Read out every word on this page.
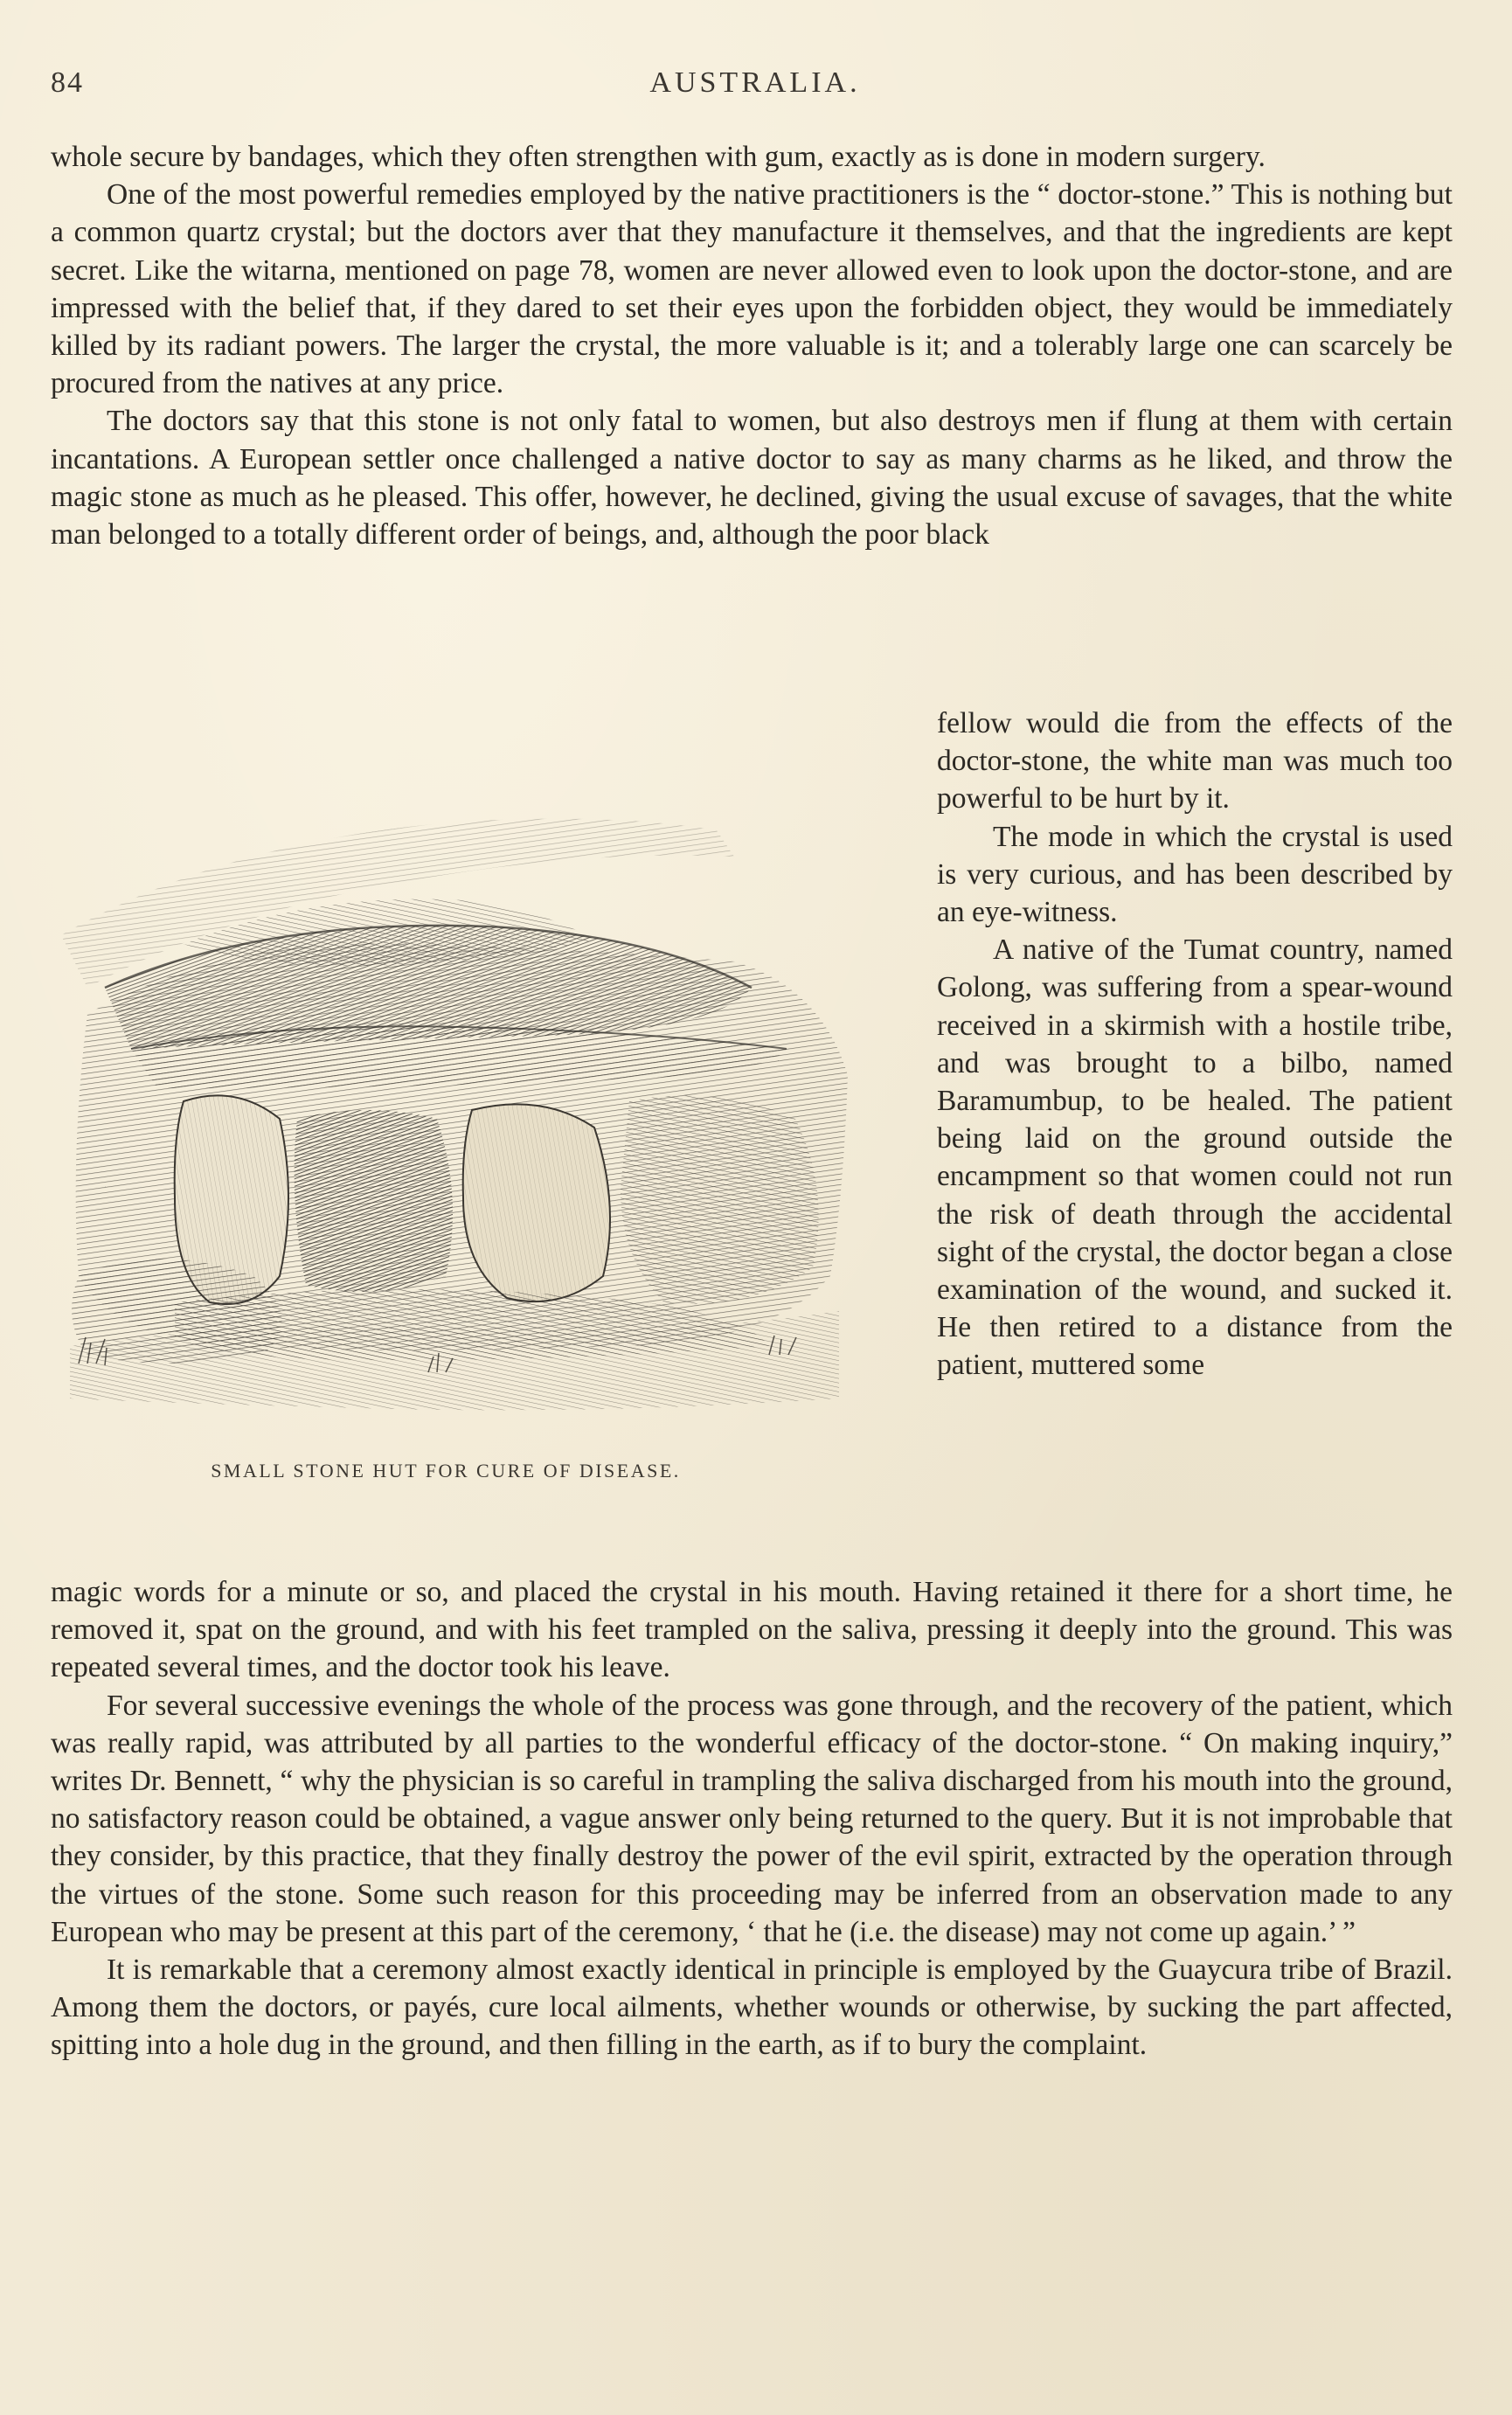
84	AUSTRALIA.

whole secure by bandages, which they often strengthen with gum, exactly as is done in modern surgery.

One of the most powerful remedies employed by the native practitioners is the “ doctor-stone.” This is nothing but a common quartz crystal; but the doctors aver that they manufacture it themselves, and that the ingredients are kept secret. Like the witarna, mentioned on page 78, women are never allowed even to look upon the doctor-stone, and are impressed with the belief that, if they dared to set their eyes upon the forbidden object, they would be immediately killed by its radiant powers. The larger the crystal, the more valuable is it; and a tolerably large one can scarcely be procured from the natives at any price.

The doctors say that this stone is not only fatal to women, but also destroys men if flung at them with certain incantations. A European settler once challenged a native doctor to say as many charms as he liked, and throw the magic stone as much as he pleased. This offer, however, he declined, giving the usual excuse of savages, that the white man belonged to a totally different order of beings, and, although the poor black

fellow would die from the effects of the doctor-stone, the white man was much too powerful to be hurt by it.

The mode in which the crystal is used is very curious, and has been described by an eye-witness.

A native of the Tumat country, named Golong, was suffering from a spear-wound received in a skirmish with a hostile tribe, and was brought to a bilbo, named Baramumbup, to be healed. The patient being laid on the ground outside the encampment so that women could not run the risk of death through the accidental sight of the crystal, the doctor began a close examination of the wound, and sucked it. He then retired to a distance from the patient, muttered some

SMALL STONE HUT FOR CURE OF DISEASE.

magic words for a minute or so, and placed the crystal in his mouth. Having retained it there for a short time, he removed it, spat on the ground, and with his feet trampled on the saliva, pressing it deeply into the ground. This was repeated several times, and the doctor took his leave.

For several successive evenings the whole of the process was gone through, and the recovery of the patient, which was really rapid, was attributed by all parties to the wonderful efficacy of the doctor-stone. “ On making inquiry,” writes Dr. Bennett, “ why the physician is so careful in trampling the saliva discharged from his mouth into the ground, no satisfactory reason could be obtained, a vague answer only being returned to the query. But it is not improbable that they consider, by this practice, that they finally destroy the power of the evil spirit, extracted by the operation through the virtues of the stone. Some such reason for this proceeding may be inferred from an observation made to any European who may be present at this part of the ceremony, ‘ that he (i.e. the disease) may not come up again.’ ”

It is remarkable that a ceremony almost exactly identical in principle is employed by the Guaycura tribe of Brazil. Among them the doctors, or payés, cure local ailments, whether wounds or otherwise, by sucking the part affected, spitting into a hole dug in the ground, and then filling in the earth, as if to bury the complaint.
